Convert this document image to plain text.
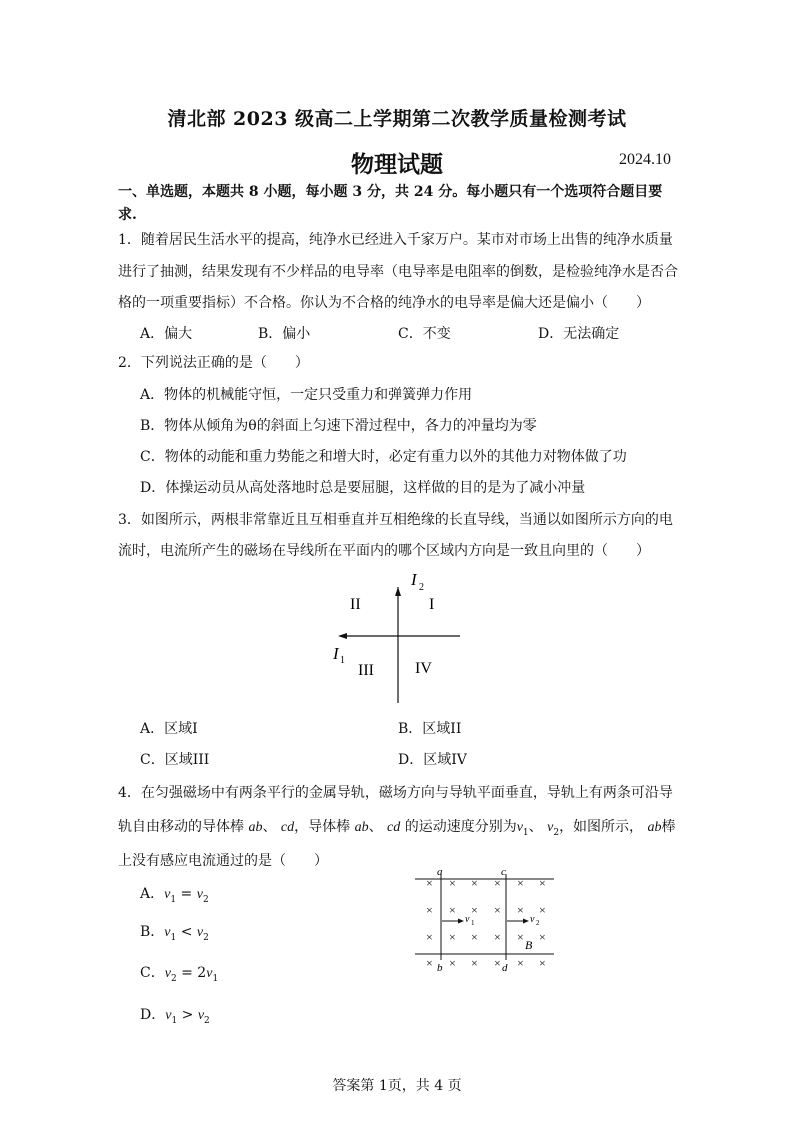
清北部 2023 级高二上学期第二次教学质量检测考试
物理试题	2024.10
一、单选题，本题共 8 小题，每小题 3 分，共 24 分。每小题只有一个选项符合题目要
求.
1．随着居民生活水平的提高，纯净水已经进入千家万户。某市对市场上出售的纯净水质量
进行了抽测，结果发现有不少样品的电导率（电导率是电阻率的倒数，是检验纯净水是否合
格的一项重要指标）不合格。你认为不合格的纯净水的电导率是偏大还是偏小（　　）
A．偏大	B．偏小	C．不变	D．无法确定
2．下列说法正确的是（　　）
A．物体的机械能守恒，一定只受重力和弹簧弹力作用
B．物体从倾角为θ的斜面上匀速下滑过程中，各力的冲量均为零
C．物体的动能和重力势能之和增大时，必定有重力以外的其他力对物体做了功
D．体操运动员从高处落地时总是要屈腿，这样做的目的是为了减小冲量
3．如图所示，两根非常靠近且互相垂直并互相绝缘的长直导线，当通以如图所示方向的电
流时，电流所产生的磁场在导线所在平面内的哪个区域内方向是一致且向里的（　　）
I 2
I 1
I
II
III	IV
A．区域I	B．区域II
C．区域III	D．区域IV
4．在匀强磁场中有两条平行的金属导轨，磁场方向与导轨平面垂直，导轨上有两条可沿导
轨自由移动的导体棒 ab、 cd，导体棒 ab、 cd 的运动速度分别为$v_1$、 $v_2$，如图所示， ab棒
上没有感应电流通过的是（　　）
A．$v_1 = v_2$
B．$v_1 < v_2$
C．$v_2 = 2v_1$
D．$v_1 > v_2$
× × × × × ×
× × × × × ×
× × × × × ×
× × × × × ×
a
b
c
d
B
v 1	v 2
答案第 1页，共 4 页
